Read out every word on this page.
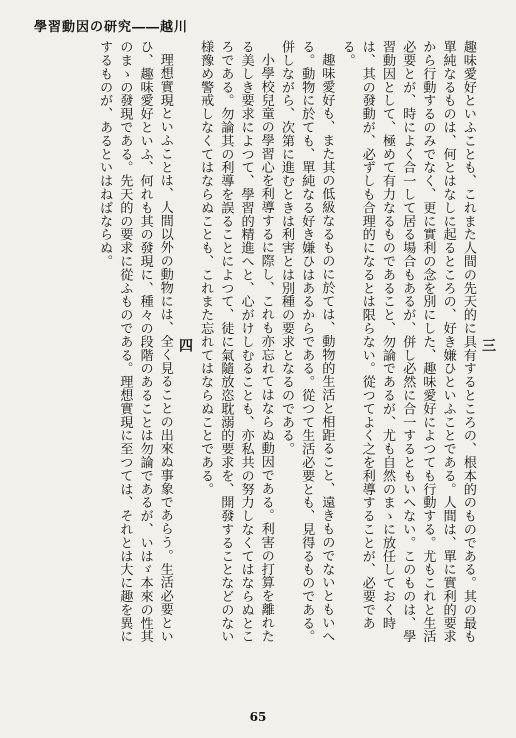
學習動因の研究――越川

三

趣味愛好といふことも、これまた人間の先天的に具有するところの、根本的のものである。其の最も單純なるものは、何とはなしに起るところの、好き嫌ひといふことである。人間は、單に實利的要求から行動するのみでなく、更に實利の念を別にした、趣味愛好によつても行動する。尤もこれと生活必要とが、時によく合一して居る場合もあるが、併し必然に合一するともいへない。このものは、學習動因として、極めて有力なるものであること、勿論であるが、尤も自然のまゝに放任しておく時は、其の發動が、必ずしも合理的になるとは限らない。從つてよく之を利導することが、必要である。

趣味愛好も、また其の低級なるものに於ては、動物的生活と相距ること、遠きものでないともいへる。動物に於ても、單純なる好き嫌ひはあるからである。從つて生活必要とも、見得るものである。併しながら、次第に進むときは利害とは別種の要求となるのである。

小學校兒童の學習心を利導するに際し、これも亦忘れてはならぬ動因である。利害の打算を離れたる美しき要求によつて、學習的精進へと、心がけしむることも、亦私共の努力しなくてはならぬところである。勿論其の利導を誤ることによつて、徒に氣隨放恣耽溺的要求を、開發することなどのない様豫め警戒しなくてはならぬことも、これまた忘れてはならぬことである。

四

理想實現といふことは、人間以外の動物には、全く見ることの出來ぬ事象であらう。生活必要といひ、趣味愛好といふ、何れも其の發現に、種々の段階のあることは勿論であるが、いはゞ本來の性其のまゝの發現である。先天的の要求に從ふものである。理想實現に至つては、それとは大に趣を異にするものが、あるといはねばならぬ。

65
